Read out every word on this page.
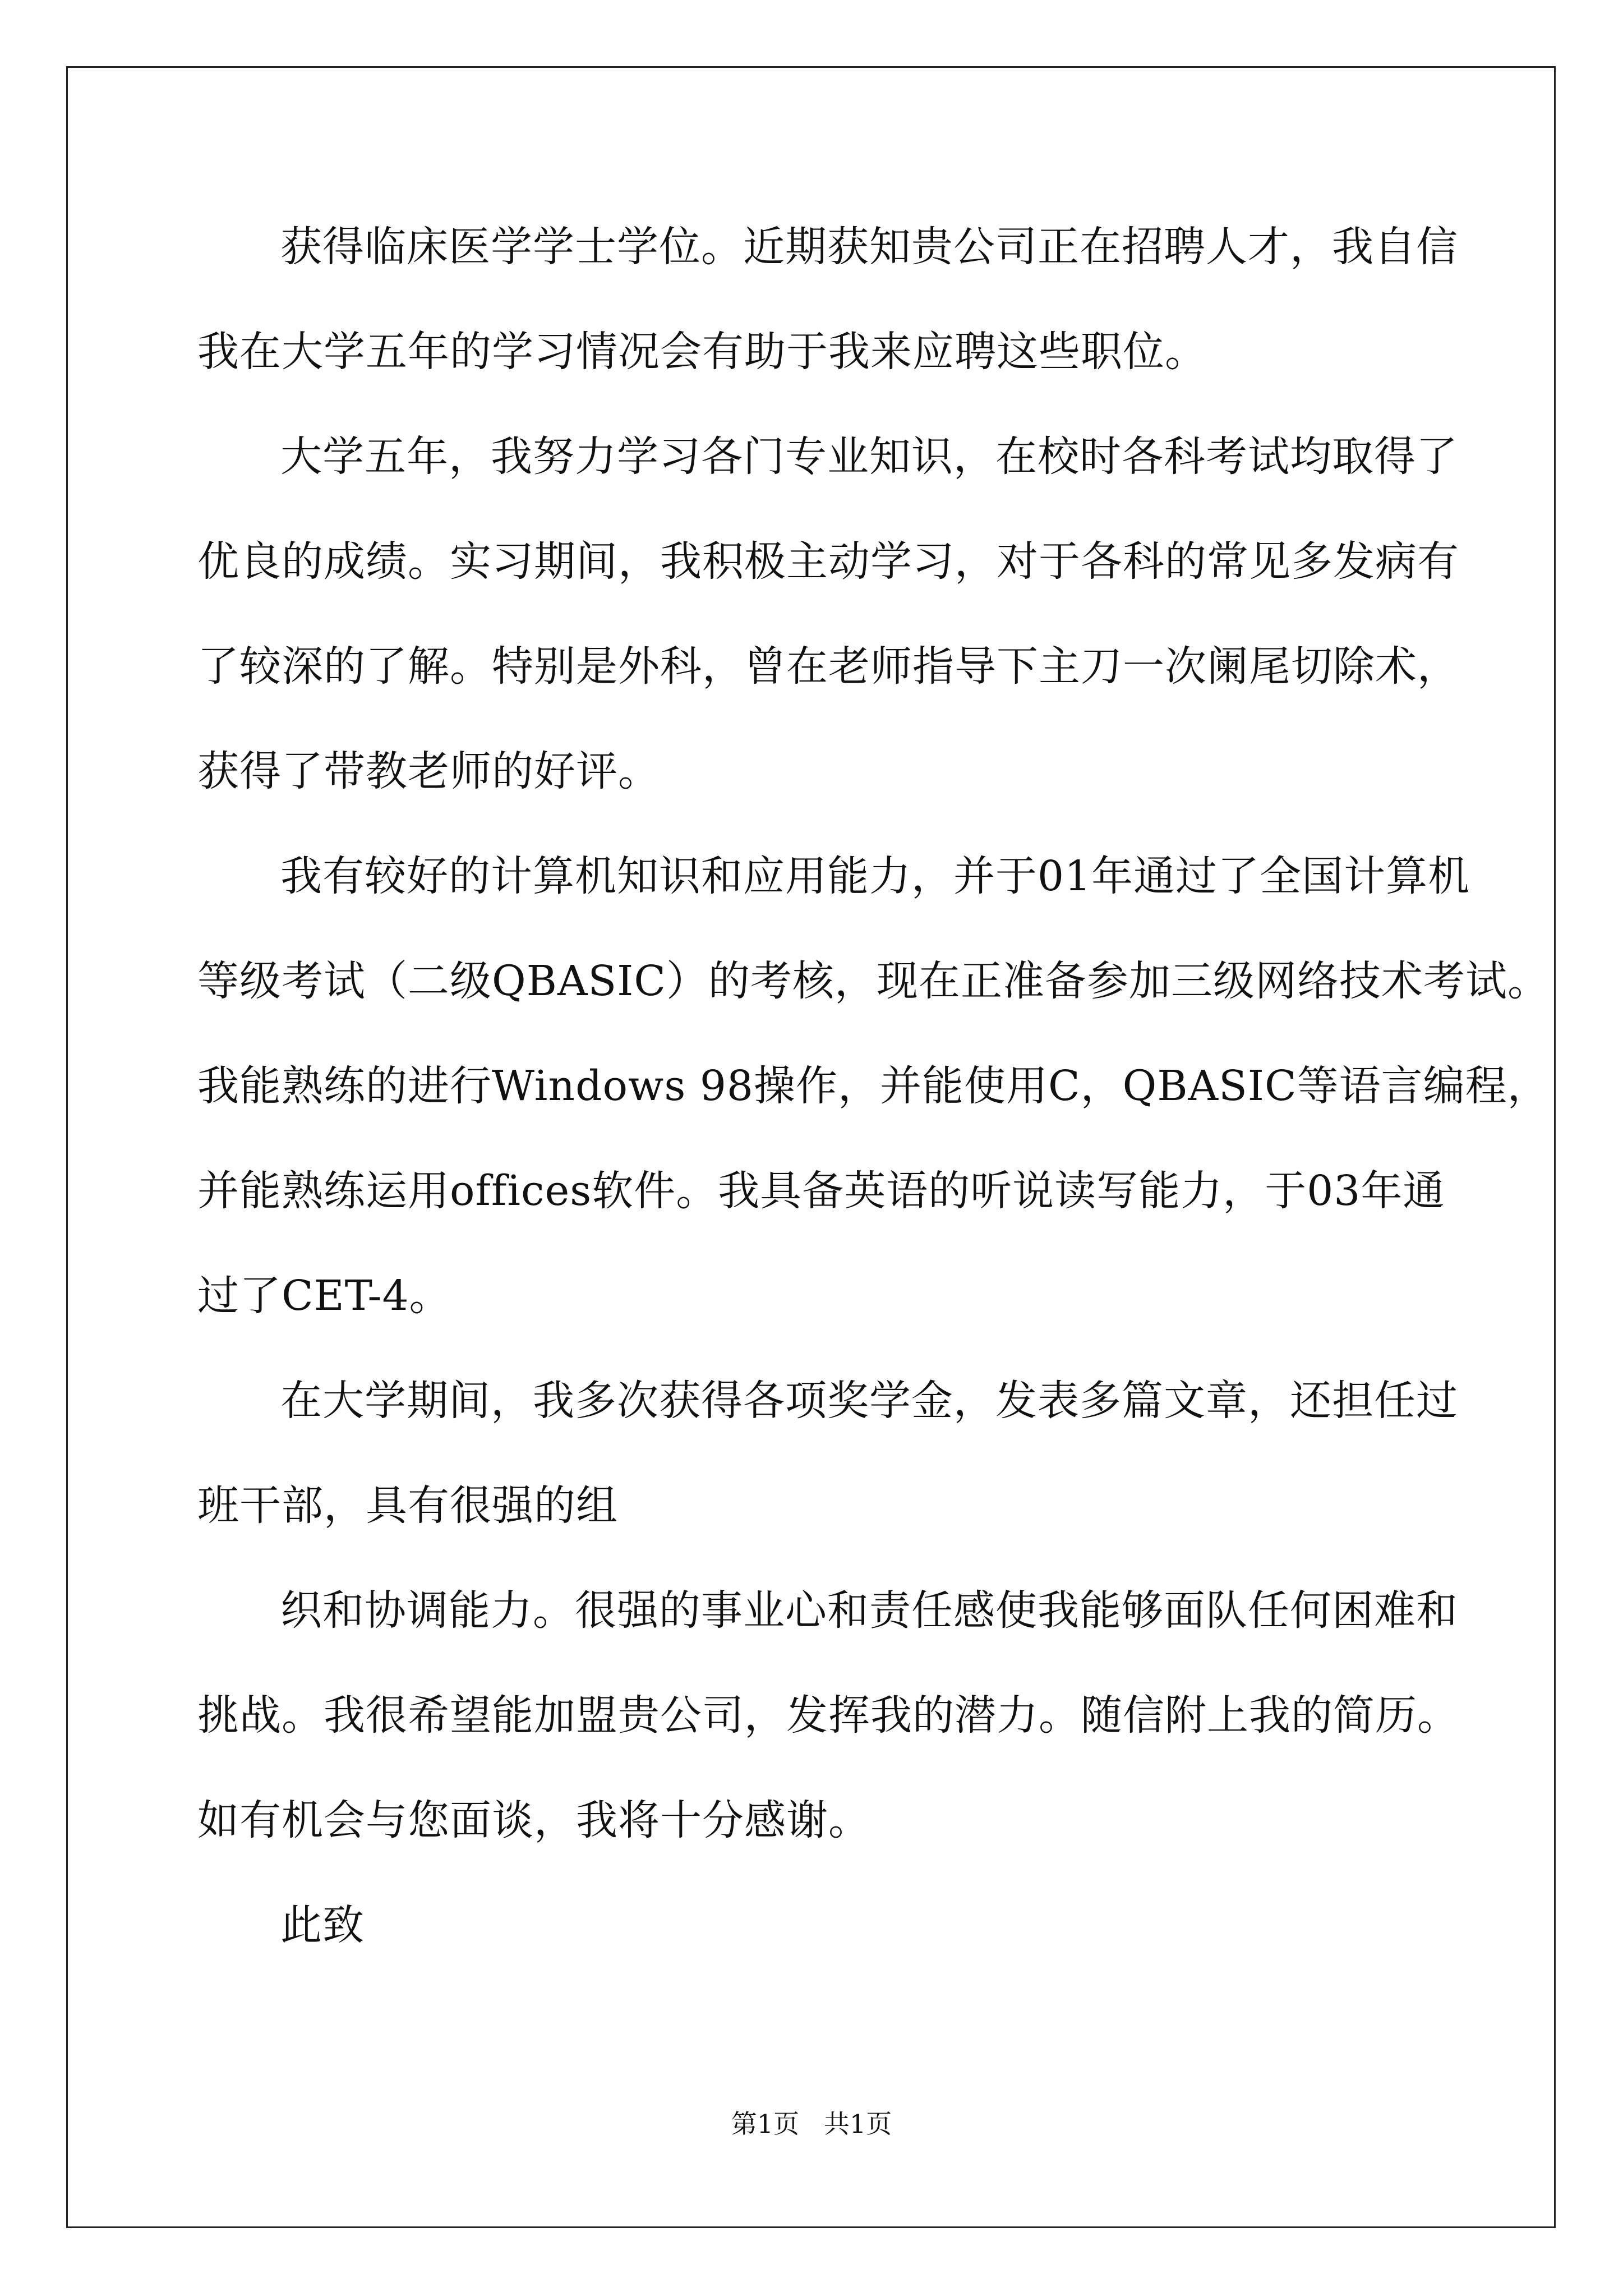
获得临床医学学士学位。近期获知贵公司正在招聘人才，我自信
我在大学五年的学习情况会有助于我来应聘这些职位。
大学五年，我努力学习各门专业知识，在校时各科考试均取得了
优良的成绩。实习期间，我积极主动学习，对于各科的常见多发病有
了较深的了解。特别是外科，曾在老师指导下主刀一次阑尾切除术，
获得了带教老师的好评。
我有较好的计算机知识和应用能力，并于01年通过了全国计算机
等级考试（二级QBASIC）的考核，现在正准备参加三级网络技术考试。
我能熟练的进行Windows 98操作，并能使用C，QBASIC等语言编程，
并能熟练运用offices软件。我具备英语的听说读写能力，于03年通
过了CET-4。
在大学期间，我多次获得各项奖学金，发表多篇文章，还担任过
班干部，具有很强的组
织和协调能力。很强的事业心和责任感使我能够面队任何困难和
挑战。我很希望能加盟贵公司，发挥我的潜力。随信附上我的简历。
如有机会与您面谈，我将十分感谢。
此致
第1页   共1页
